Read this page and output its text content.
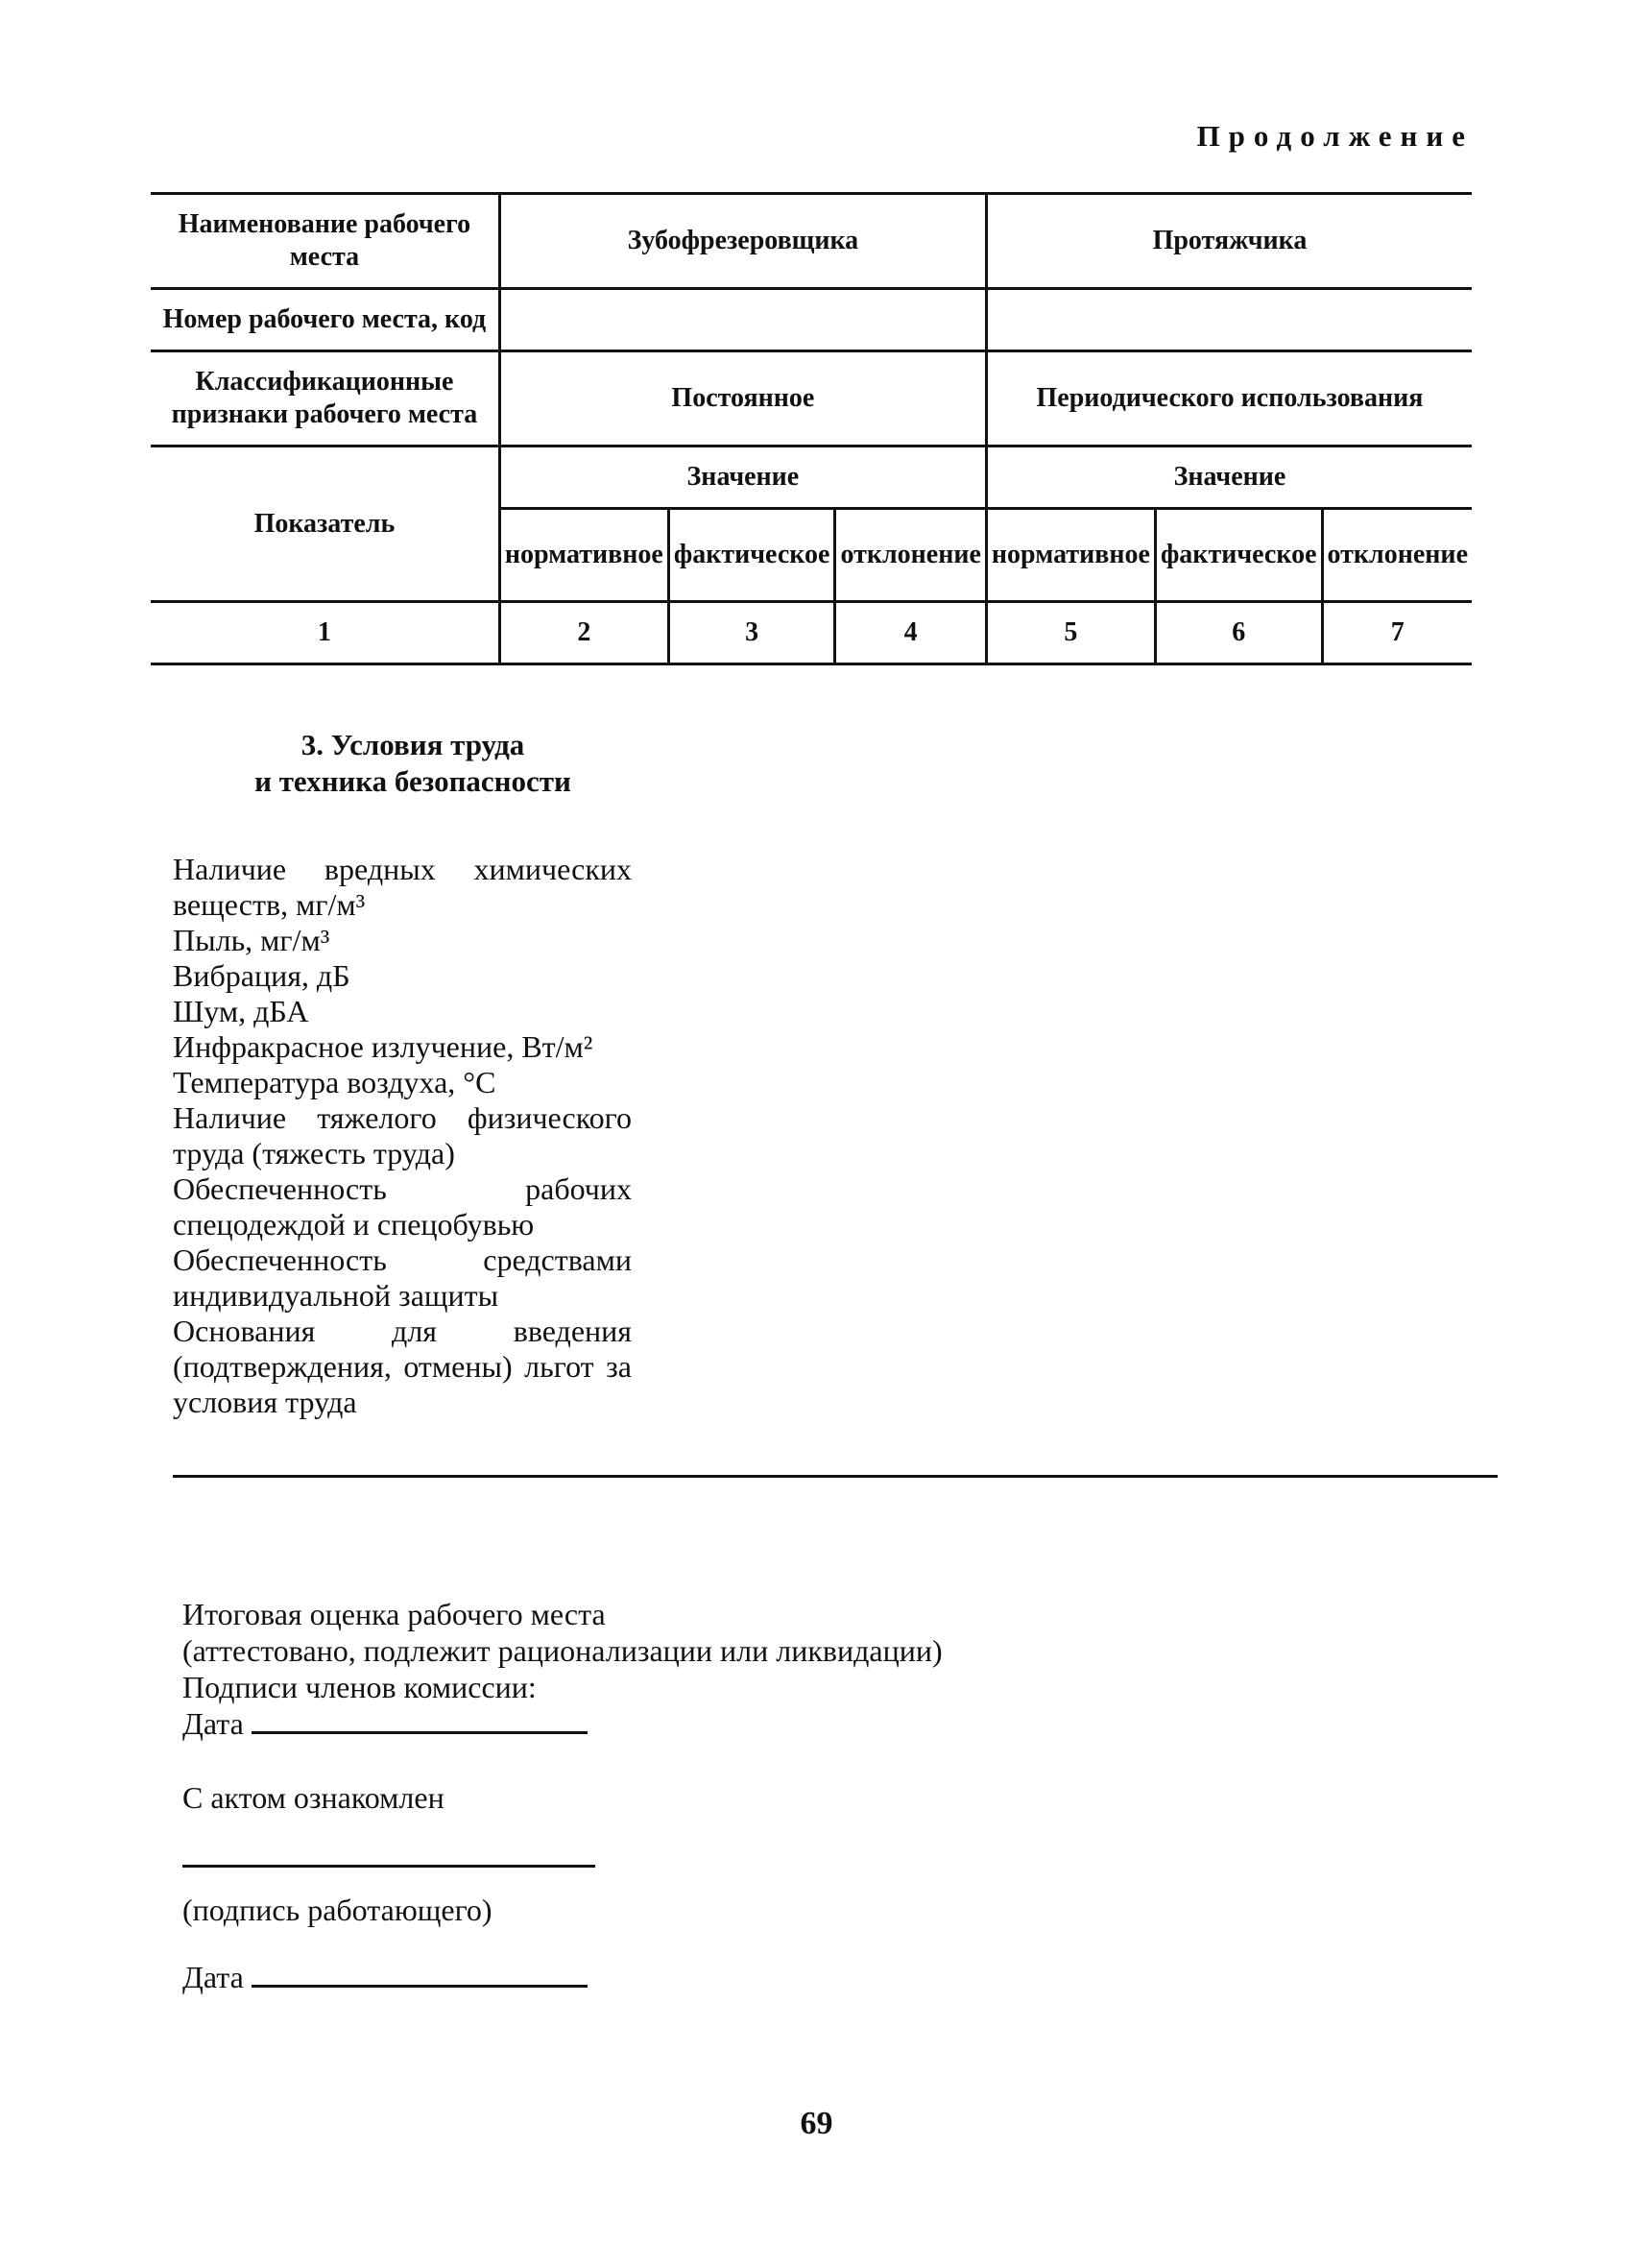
Продолжение
Наименование рабочего места	Зубофрезеровщика			Протяжчика		
Номер рабочего места, код						
Классификационные признаки рабочего места	Постоянное			Периодического использования		
Показатель	Значение			Значение		
	нормативное	фактическое	отклонение	нормативное	фактическое	отклонение
1	2	3	4	5	6	7
3. Условия труда
и техника безопасности
Наличие вредных химических веществ, мг/м³
Пыль, мг/м³
Вибрация, дБ
Шум, дБА
Инфракрасное излучение, Вт/м²
Температура воздуха, °С
Наличие тяжелого физического труда (тяжесть труда)
Обеспеченность рабочих спецодеждой и спецобувью
Обеспеченность средствами индивидуальной защиты
Основания для введения (подтверждения, отмены) льгот за условия труда
Итоговая оценка рабочего места
(аттестовано, подлежит рационализации или ликвидации)
Подписи членов комиссии:
Дата
С актом ознакомлен
(подпись работающего)
Дата
69
